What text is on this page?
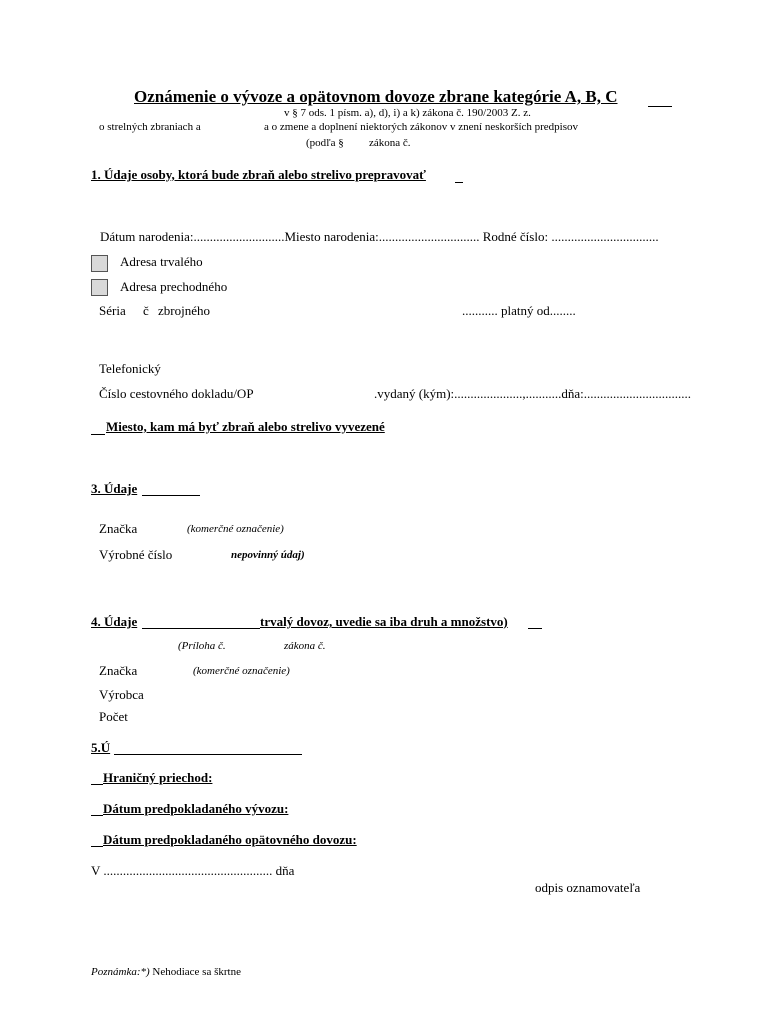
Oznámenie o vývoze a opätovnom dovoze zbrane kategórie A, B, C
v § 7 ods. 1 písm. a), d), i) a k) zákona č. 190/2003 Z. z.
o strelných zbraniach a	a o zmene a doplnení niektorých zákonov v znení neskorších predpisov
(podľa § zákona č.
1. Údaje osoby, ktorá bude zbraň alebo strelivo prepravovať
Dátum narodenia:............................Miesto narodenia:............................... Rodné číslo: .................................
Adresa trvalého
Adresa prechodného
Séria č zbrojného	........... platný od........
Telefonický
Číslo cestovného dokladu/OP	.vydaný (kým):.....................,...........dňa:.................................
Miesto, kam má byť zbraň alebo strelivo vyvezené
3. Údaje
Značka	(komerčné označenie)
Výrobné číslo	nepovinný údaj)
4. Údaje	trvalý dovoz, uvedie sa iba druh a množstvo)
(Príloha č.	zákona č.
Značka	(komerčné označenie)
Výrobca
Počet
5.Ú
Hraničný priechod:
Dátum predpokladaného vývozu:
Dátum predpokladaného opätovného dovozu:
V .................................................... dňa
odpis oznamovateľa
Poznámka:*) Nehodiace sa škrtne
